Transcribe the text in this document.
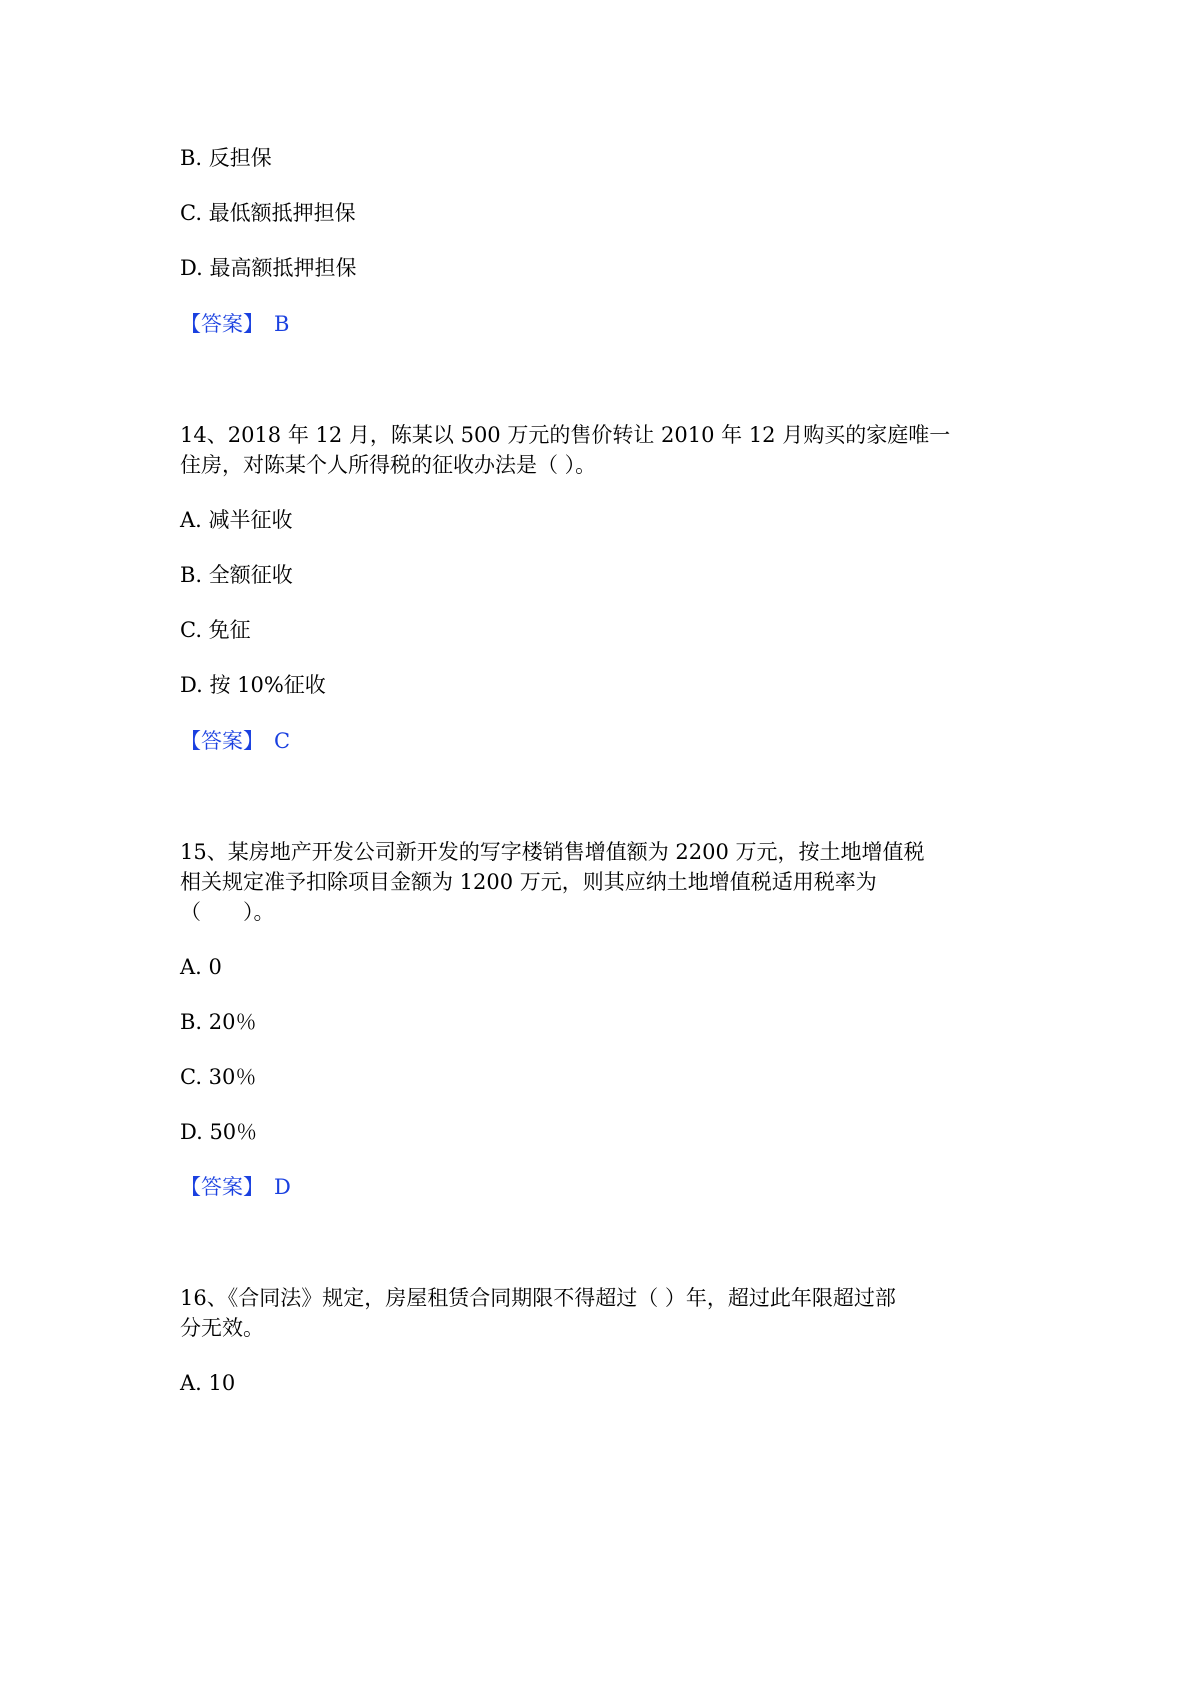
B. 反担保
C. 最低额抵押担保
D. 最高额抵押担保
【答案】 B
14、2018 年 12 月，陈某以 500 万元的售价转让 2010 年 12 月购买的家庭唯一
住房，对陈某个人所得税的征收办法是（ ）。
A. 减半征收
B. 全额征收
C. 免征
D. 按 10%征收
【答案】 C
15、某房地产开发公司新开发的写字楼销售增值额为 2200 万元，按土地增值税
相关规定准予扣除项目金额为 1200 万元，则其应纳土地增值税适用税率为
（　　）。
A. 0
B. 20％
C. 30％
D. 50％
【答案】 D
16、《合同法》规定，房屋租赁合同期限不得超过（ ）年，超过此年限超过部
分无效。
A. 10
